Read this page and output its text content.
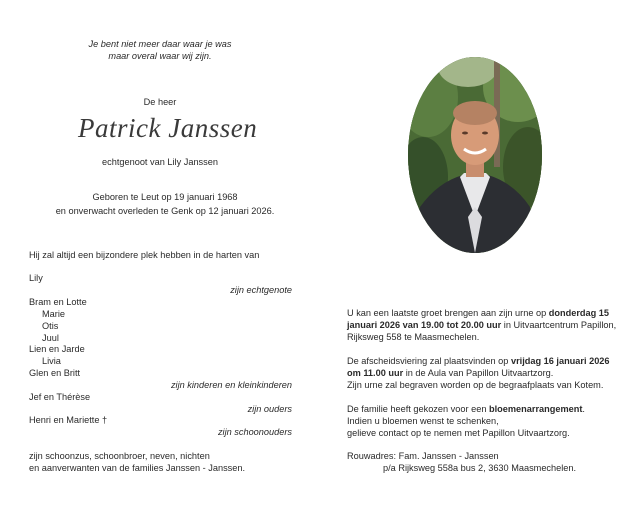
Je bent niet meer daar waar je was
maar overal waar wij zijn.
De heer
Patrick Janssen
echtgenoot van Lily Janssen
Geboren te Leut op 19 januari 1968
en onverwacht overleden te Genk op 12 januari 2026.
Hij zal altijd een bijzondere plek hebben in de harten van
Lily
zijn echtgenote
Bram en Lotte
Marie
Otis
Juul
Lien en Jarde
Livia
Glen en Britt
zijn kinderen en kleinkinderen
Jef en Thérèse
zijn ouders
Henri en Mariette †
zijn schoonouders
zijn schoonzus, schoonbroer, neven, nichten
en aanverwanten van de families Janssen - Janssen.
U kan een laatste groet brengen aan zijn urne op donderdag 15
januari 2026 van 19.00 tot 20.00 uur in Uitvaartcentrum Papillon,
Rijksweg 558 te Maasmechelen.
De afscheidsviering zal plaatsvinden op vrijdag 16 januari 2026
om 11.00 uur in de Aula van Papillon Uitvaartzorg.
Zijn urne zal begraven worden op de begraafplaats van Kotem.
De familie heeft gekozen voor een bloemenarrangement.
Indien u bloemen wenst te schenken,
gelieve contact op te nemen met Papillon Uitvaartzorg.
Rouwadres: Fam. Janssen - Janssen
p/a Rijksweg 558a bus 2, 3630 Maasmechelen.
